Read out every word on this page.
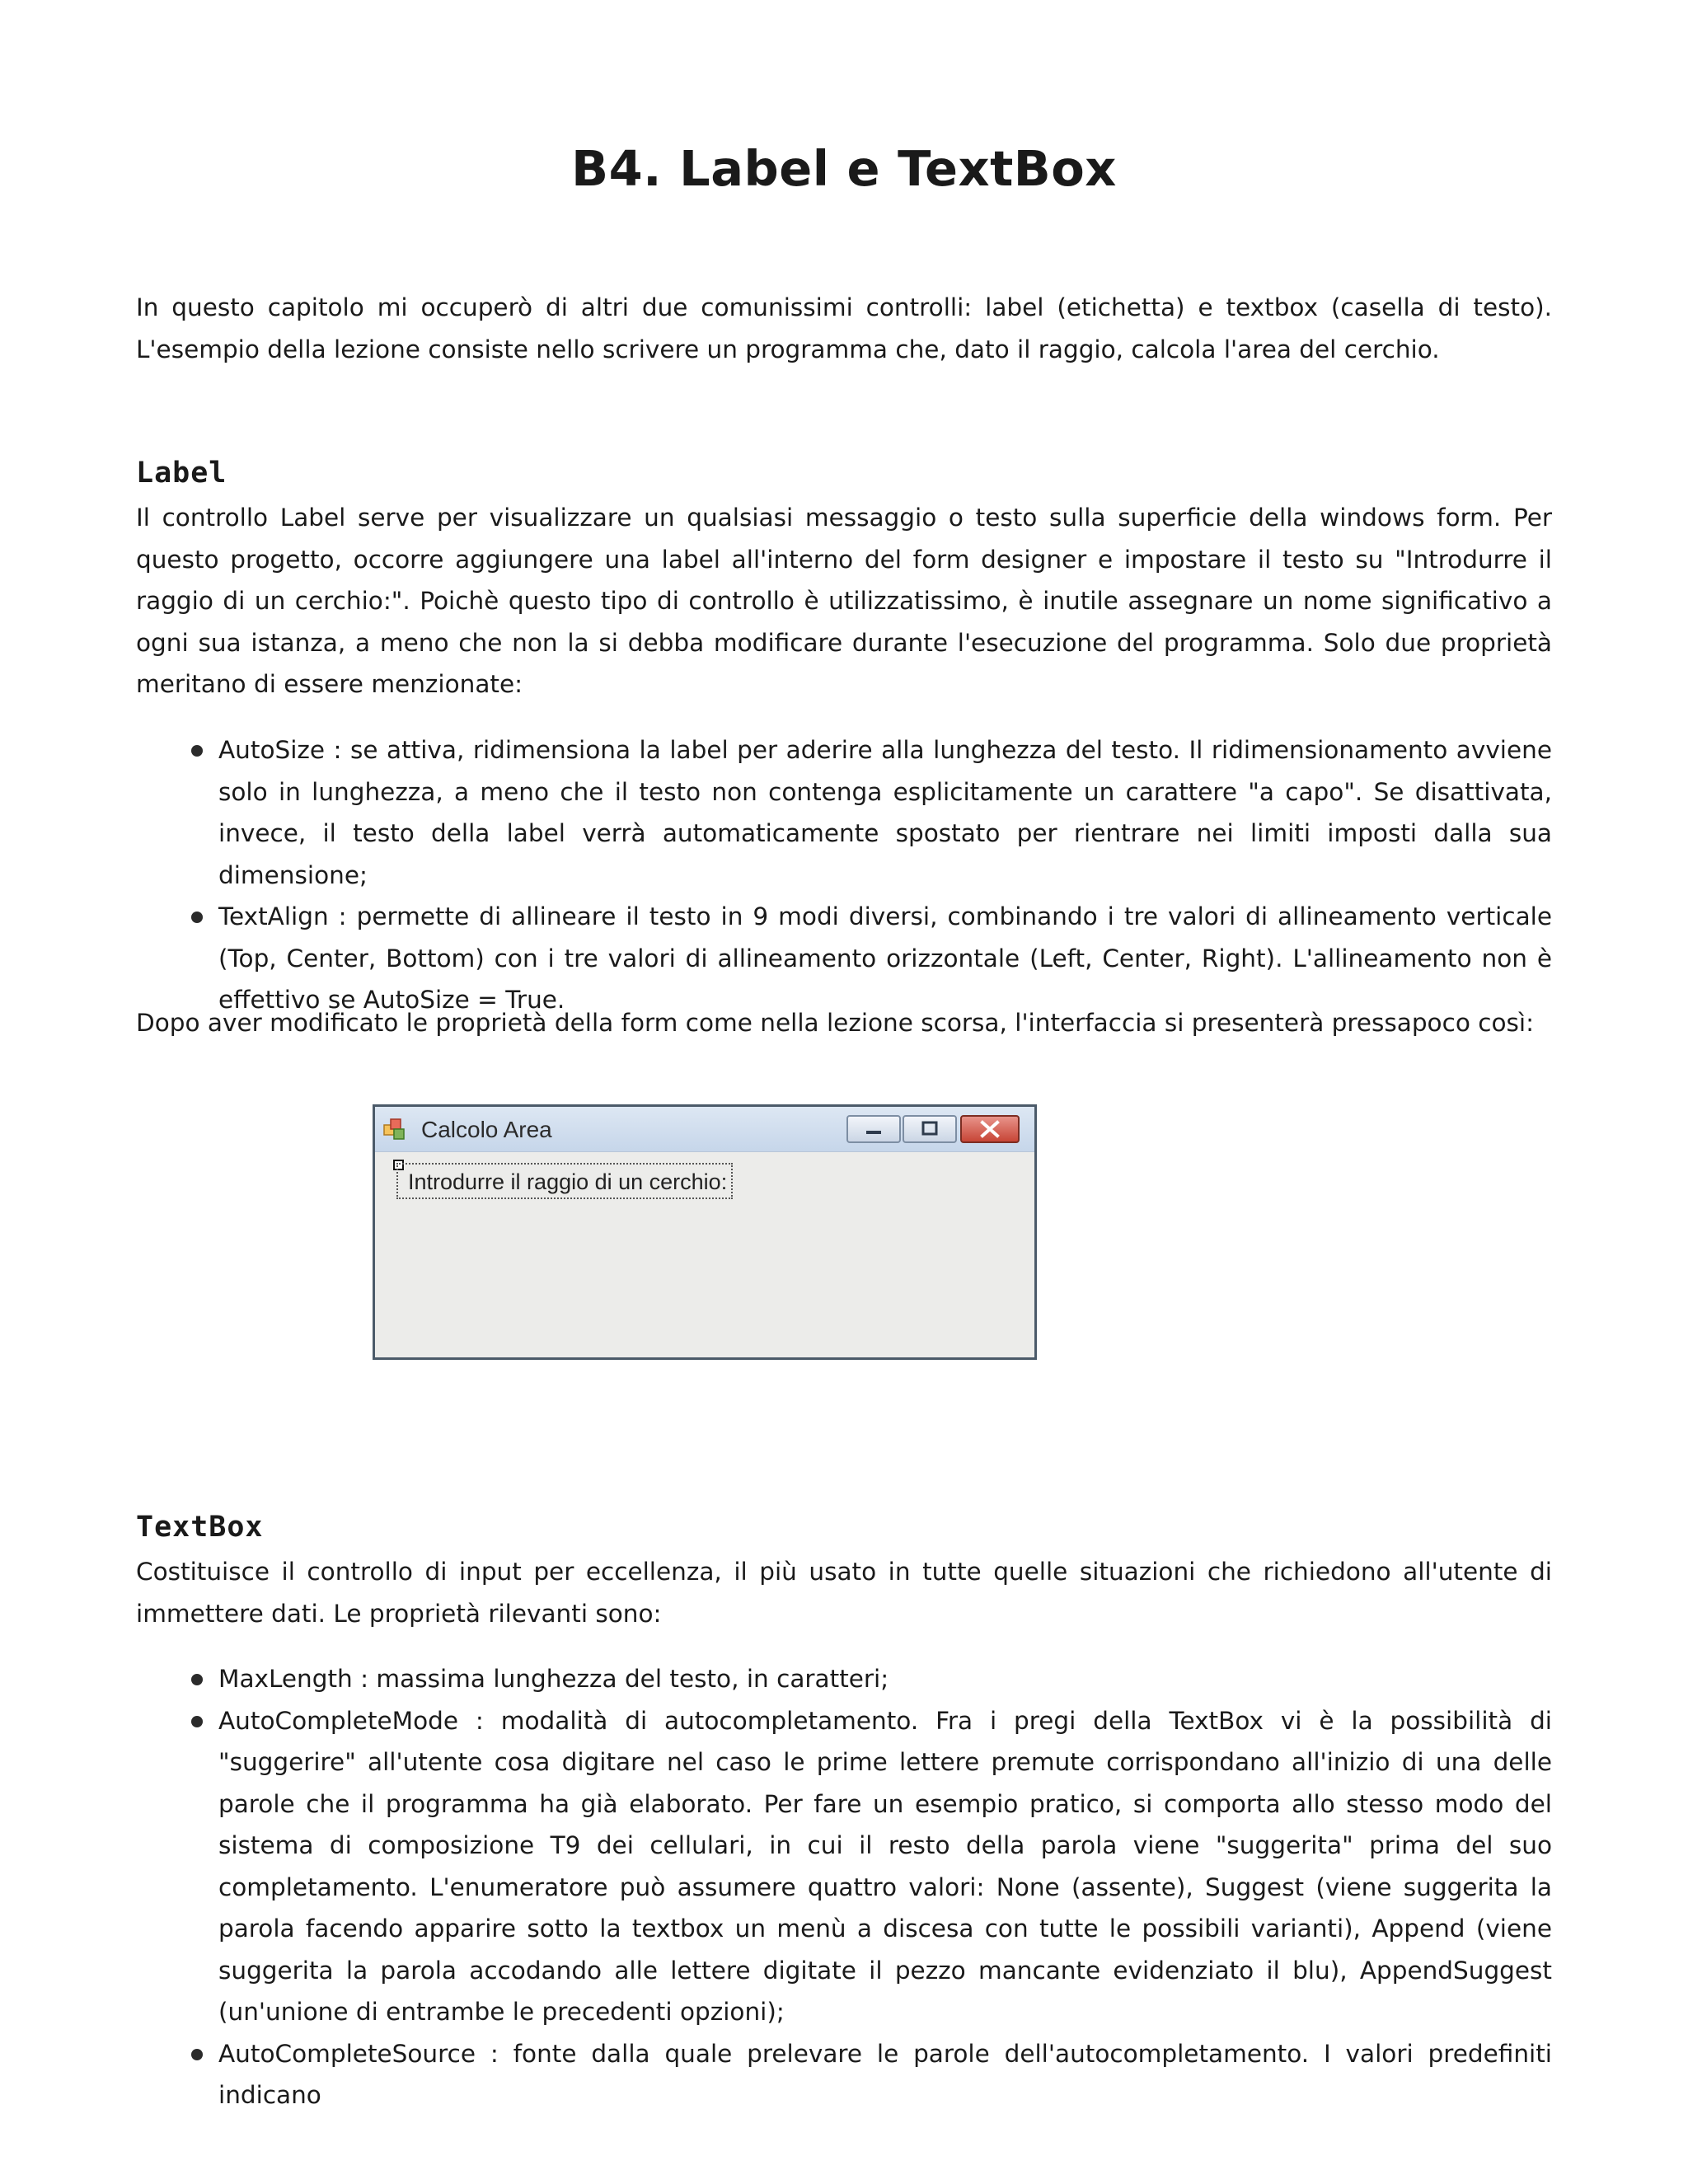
B4. Label e TextBox

In questo capitolo mi occuperò di altri due comunissimi controlli: label (etichetta) e textbox (casella di testo). L'esempio della lezione consiste nello scrivere un programma che, dato il raggio, calcola l'area del cerchio.

Label

Il controllo Label serve per visualizzare un qualsiasi messaggio o testo sulla superficie della windows form. Per questo progetto, occorre aggiungere una label all'interno del form designer e impostare il testo su "Introdurre il raggio di un cerchio:". Poichè questo tipo di controllo è utilizzatissimo, è inutile assegnare un nome significativo a ogni sua istanza, a meno che non la si debba modificare durante l'esecuzione del programma. Solo due proprietà meritano di essere menzionate:

AutoSize : se attiva, ridimensiona la label per aderire alla lunghezza del testo. Il ridimensionamento avviene solo in lunghezza, a meno che il testo non contenga esplicitamente un carattere "a capo". Se disattivata, invece, il testo della label verrà automaticamente spostato per rientrare nei limiti imposti dalla sua dimensione;
TextAlign : permette di allineare il testo in 9 modi diversi, combinando i tre valori di allineamento verticale (Top, Center, Bottom) con i tre valori di allineamento orizzontale (Left, Center, Right). L'allineamento non è effettivo se AutoSize = True.

Dopo aver modificato le proprietà della form come nella lezione scorsa, l'interfaccia si presenterà pressapoco così:

TextBox

Costituisce il controllo di input per eccellenza, il più usato in tutte quelle situazioni che richiedono all'utente di immettere dati. Le proprietà rilevanti sono:

MaxLength : massima lunghezza del testo, in caratteri;
AutoCompleteMode : modalità di autocompletamento. Fra i pregi della TextBox vi è la possibilità di "suggerire" all'utente cosa digitare nel caso le prime lettere premute corrispondano all'inizio di una delle parole che il programma ha già elaborato. Per fare un esempio pratico, si comporta allo stesso modo del sistema di composizione T9 dei cellulari, in cui il resto della parola viene "suggerita" prima del suo completamento. L'enumeratore può assumere quattro valori: None (assente), Suggest (viene suggerita la parola facendo apparire sotto la textbox un menù a discesa con tutte le possibili varianti), Append (viene suggerita la parola accodando alle lettere digitate il pezzo mancante evidenziato il blu), AppendSuggest (un'unione di entrambe le precedenti opzioni);
AutoCompleteSource : fonte dalla quale prelevare le parole dell'autocompletamento. I valori predefiniti indicano
Calcolo Area
Introdurre il raggio di un cerchio:
